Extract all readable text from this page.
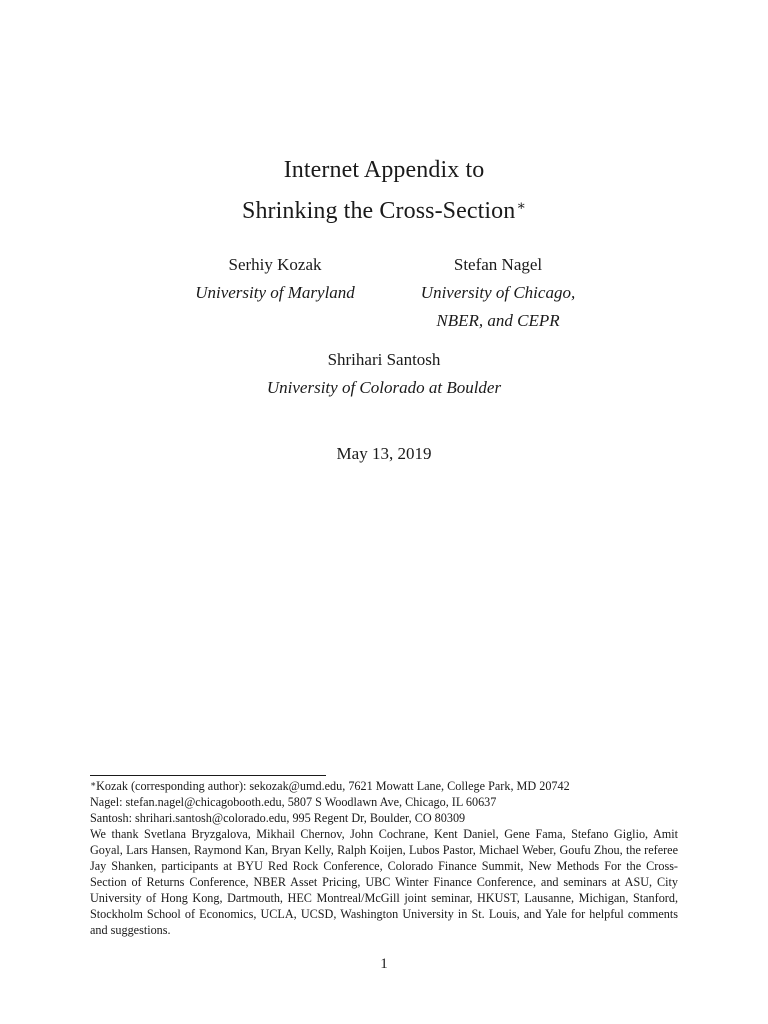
Internet Appendix to
Shrinking the Cross-Section∗
Serhiy Kozak
University of Maryland
Stefan Nagel
University of Chicago,
NBER, and CEPR
Shrihari Santosh
University of Colorado at Boulder
May 13, 2019
∗Kozak (corresponding author): sekozak@umd.edu, 7621 Mowatt Lane, College Park, MD 20742
Nagel: stefan.nagel@chicagobooth.edu, 5807 S Woodlawn Ave, Chicago, IL 60637
Santosh: shrihari.santosh@colorado.edu, 995 Regent Dr, Boulder, CO 80309
We thank Svetlana Bryzgalova, Mikhail Chernov, John Cochrane, Kent Daniel, Gene Fama, Stefano Giglio, Amit Goyal, Lars Hansen, Raymond Kan, Bryan Kelly, Ralph Koijen, Lubos Pastor, Michael Weber, Goufu Zhou, the referee Jay Shanken, participants at BYU Red Rock Conference, Colorado Finance Summit, New Methods For the Cross-Section of Returns Conference, NBER Asset Pricing, UBC Winter Finance Conference, and seminars at ASU, City University of Hong Kong, Dartmouth, HEC Montreal/McGill joint seminar, HKUST, Lausanne, Michigan, Stanford, Stockholm School of Economics, UCLA, UCSD, Washington University in St. Louis, and Yale for helpful comments and suggestions.
1
